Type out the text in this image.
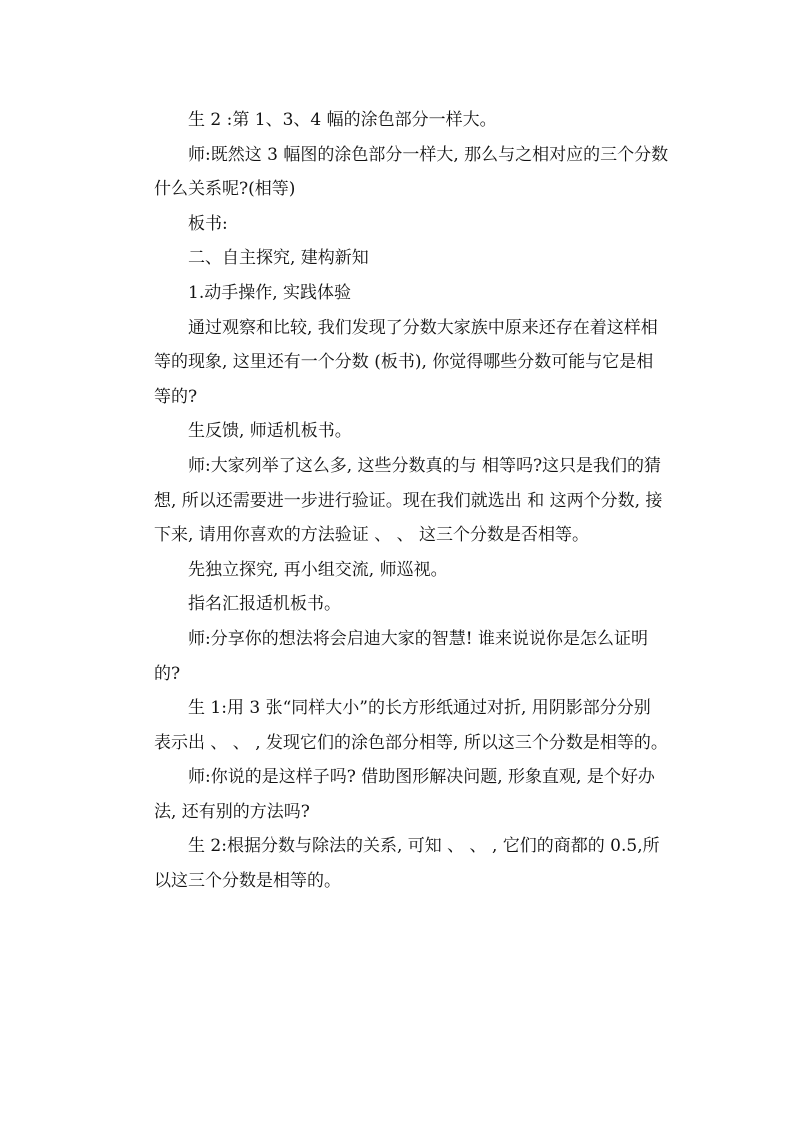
生 2 :第 1、3、4 幅的涂色部分一样大。
师:既然这 3 幅图的涂色部分一样大, 那么与之相对应的三个分数
什么关系呢?(相等)
板书:
二、自主探究, 建构新知
1.动手操作, 实践体验
通过观察和比较, 我们发现了分数大家族中原来还存在着这样相
等的现象, 这里还有一个分数 (板书), 你觉得哪些分数可能与它是相
等的?
生反馈, 师适机板书。
师:大家列举了这么多, 这些分数真的与 相等吗?这只是我们的猜
想, 所以还需要进一步进行验证。现在我们就选出 和 这两个分数, 接
下来, 请用你喜欢的方法验证 、 、 这三个分数是否相等。
先独立探究, 再小组交流, 师巡视。
指名汇报适机板书。
师:分享你的想法将会启迪大家的智慧! 谁来说说你是怎么证明
的?
生 1:用 3 张“同样大小”的长方形纸通过对折, 用阴影部分分别
表示出 、 、 , 发现它们的涂色部分相等, 所以这三个分数是相等的。
师:你说的是这样子吗? 借助图形解决问题, 形象直观, 是个好办
法, 还有别的方法吗?
生 2:根据分数与除法的关系, 可知 、 、 , 它们的商都的 0.5,所
以这三个分数是相等的。
